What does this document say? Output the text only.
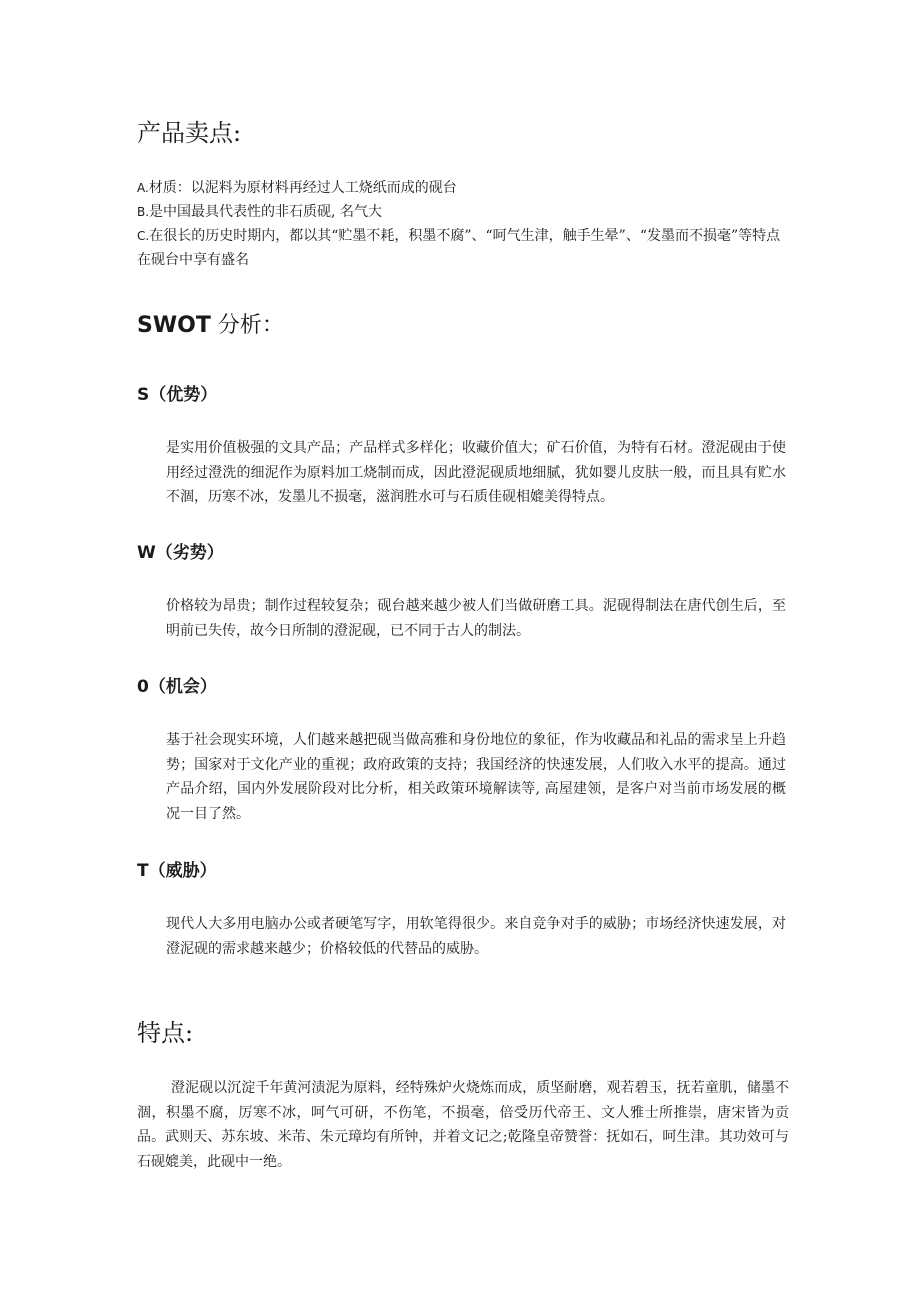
产品卖点:

A.材质：以泥料为原材料再经过人工烧纸而成的砚台

B.是中国最具代表性的非石质砚, 名气大

C.在很长的历史时期内，都以其“贮墨不耗，积墨不腐”、“呵气生津，触手生晕”、“发墨而不损毫”等特点在砚台中享有盛名

SWOT 分析：
S（优势）

是实用价值极强的文具产品；产品样式多样化；收藏价值大；矿石价值，为特有石材。澄泥砚由于使用经过澄洗的细泥作为原料加工烧制而成，因此澄泥砚质地细腻，犹如婴儿皮肤一般，而且具有贮水不涸，历寒不冰，发墨儿不损毫，滋润胜水可与石质佳砚相媲美得特点。

W（劣势）

价格较为昂贵；制作过程较复杂；砚台越来越少被人们当做研磨工具。泥砚得制法在唐代创生后，至明前已失传，故今日所制的澄泥砚，已不同于古人的制法。

0（机会）

基于社会现实环境，人们越来越把砚当做高雅和身份地位的象征，作为收藏品和礼品的需求呈上升趋势；国家对于文化产业的重视；政府政策的支持；我国经济的快速发展，人们收入水平的提高。通过产品介绍，国内外发展阶段对比分析，相关政策环境解读等, 高屋建领，是客户对当前市场发展的概况一目了然。

T（威胁）

现代人大多用电脑办公或者硬笔写字，用软笔得很少。来自竞争对手的威胁；市场经济快速发展，对澄泥砚的需求越来越少；价格较低的代替品的威胁。

特点:

澄泥砚以沉淀千年黄河渍泥为原料，经特殊炉火烧炼而成，质坚耐磨，观若碧玉，抚若童肌，储墨不涸，积墨不腐，厉寒不冰，呵气可研，不伤笔，不损毫，倍受历代帝王、文人雅士所推崇，唐宋皆为贡品。武则天、苏东坡、米芾、朱元璋均有所钟，并着文记之;乾隆皇帝赞誉：抚如石，呵生津。其功效可与石砚媲美，此砚中一绝。
